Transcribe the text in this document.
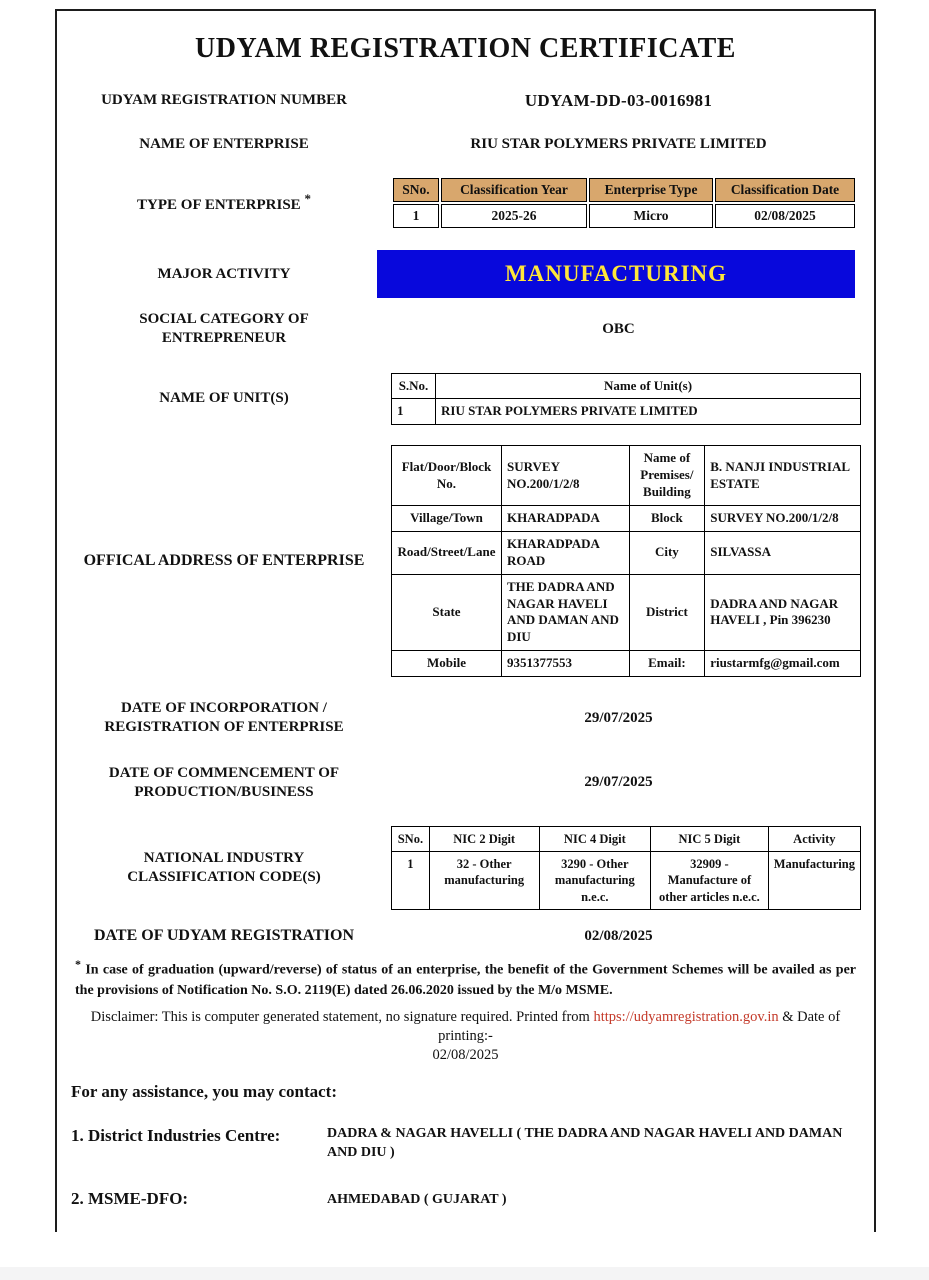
UDYAM REGISTRATION CERTIFICATE
UDYAM REGISTRATION NUMBER	UDYAM-DD-03-0016981
NAME OF ENTERPRISE	RIU STAR POLYMERS PRIVATE LIMITED
TYPE OF ENTERPRISE *
SNo.	Classification Year	Enterprise Type	Classification Date
1	2025-26	Micro	02/08/2025
MAJOR ACTIVITY	MANUFACTURING
SOCIAL CATEGORY OF ENTREPRENEUR
OBC
NAME OF UNIT(S)
S.No.	Name of Unit(s)
1	RIU STAR POLYMERS PRIVATE LIMITED
OFFICAL ADDRESS OF ENTERPRISE
Flat/Door/Block No.	SURVEY NO.200/1/2/8	Name of Premises/ Building	B. NANJI INDUSTRIAL ESTATE
Village/Town	KHARADPADA	Block	SURVEY NO.200/1/2/8
Road/Street/Lane	KHARADPADA ROAD	City	SILVASSA
State	THE DADRA AND NAGAR HAVELI AND DAMAN AND DIU	District	DADRA AND NAGAR HAVELI , Pin 396230
Mobile	9351377553	Email:	riustarmfg@gmail.com
DATE OF INCORPORATION / REGISTRATION OF ENTERPRISE
29/07/2025
DATE OF COMMENCEMENT OF PRODUCTION/BUSINESS
29/07/2025
NATIONAL INDUSTRY CLASSIFICATION CODE(S)
SNo.	NIC 2 Digit	NIC 4 Digit	NIC 5 Digit	Activity
1	32 - Other manufacturing	3290 - Other manufacturing n.e.c.	32909 - Manufacture of other articles n.e.c.	Manufacturing
DATE OF UDYAM REGISTRATION	02/08/2025
* In case of graduation (upward/reverse) of status of an enterprise, the benefit of the Government Schemes will be availed as per the provisions of Notification No. S.O. 2119(E) dated 26.06.2020 issued by the M/o MSME.
Disclaimer: This is computer generated statement, no signature required. Printed from https://udyamregistration.gov.in & Date of printing:-
02/08/2025
For any assistance, you may contact:
1. District Industries Centre:	DADRA & NAGAR HAVELLI ( THE DADRA AND NAGAR HAVELI AND DAMAN AND DIU )
2. MSME-DFO:	AHMEDABAD ( GUJARAT )
